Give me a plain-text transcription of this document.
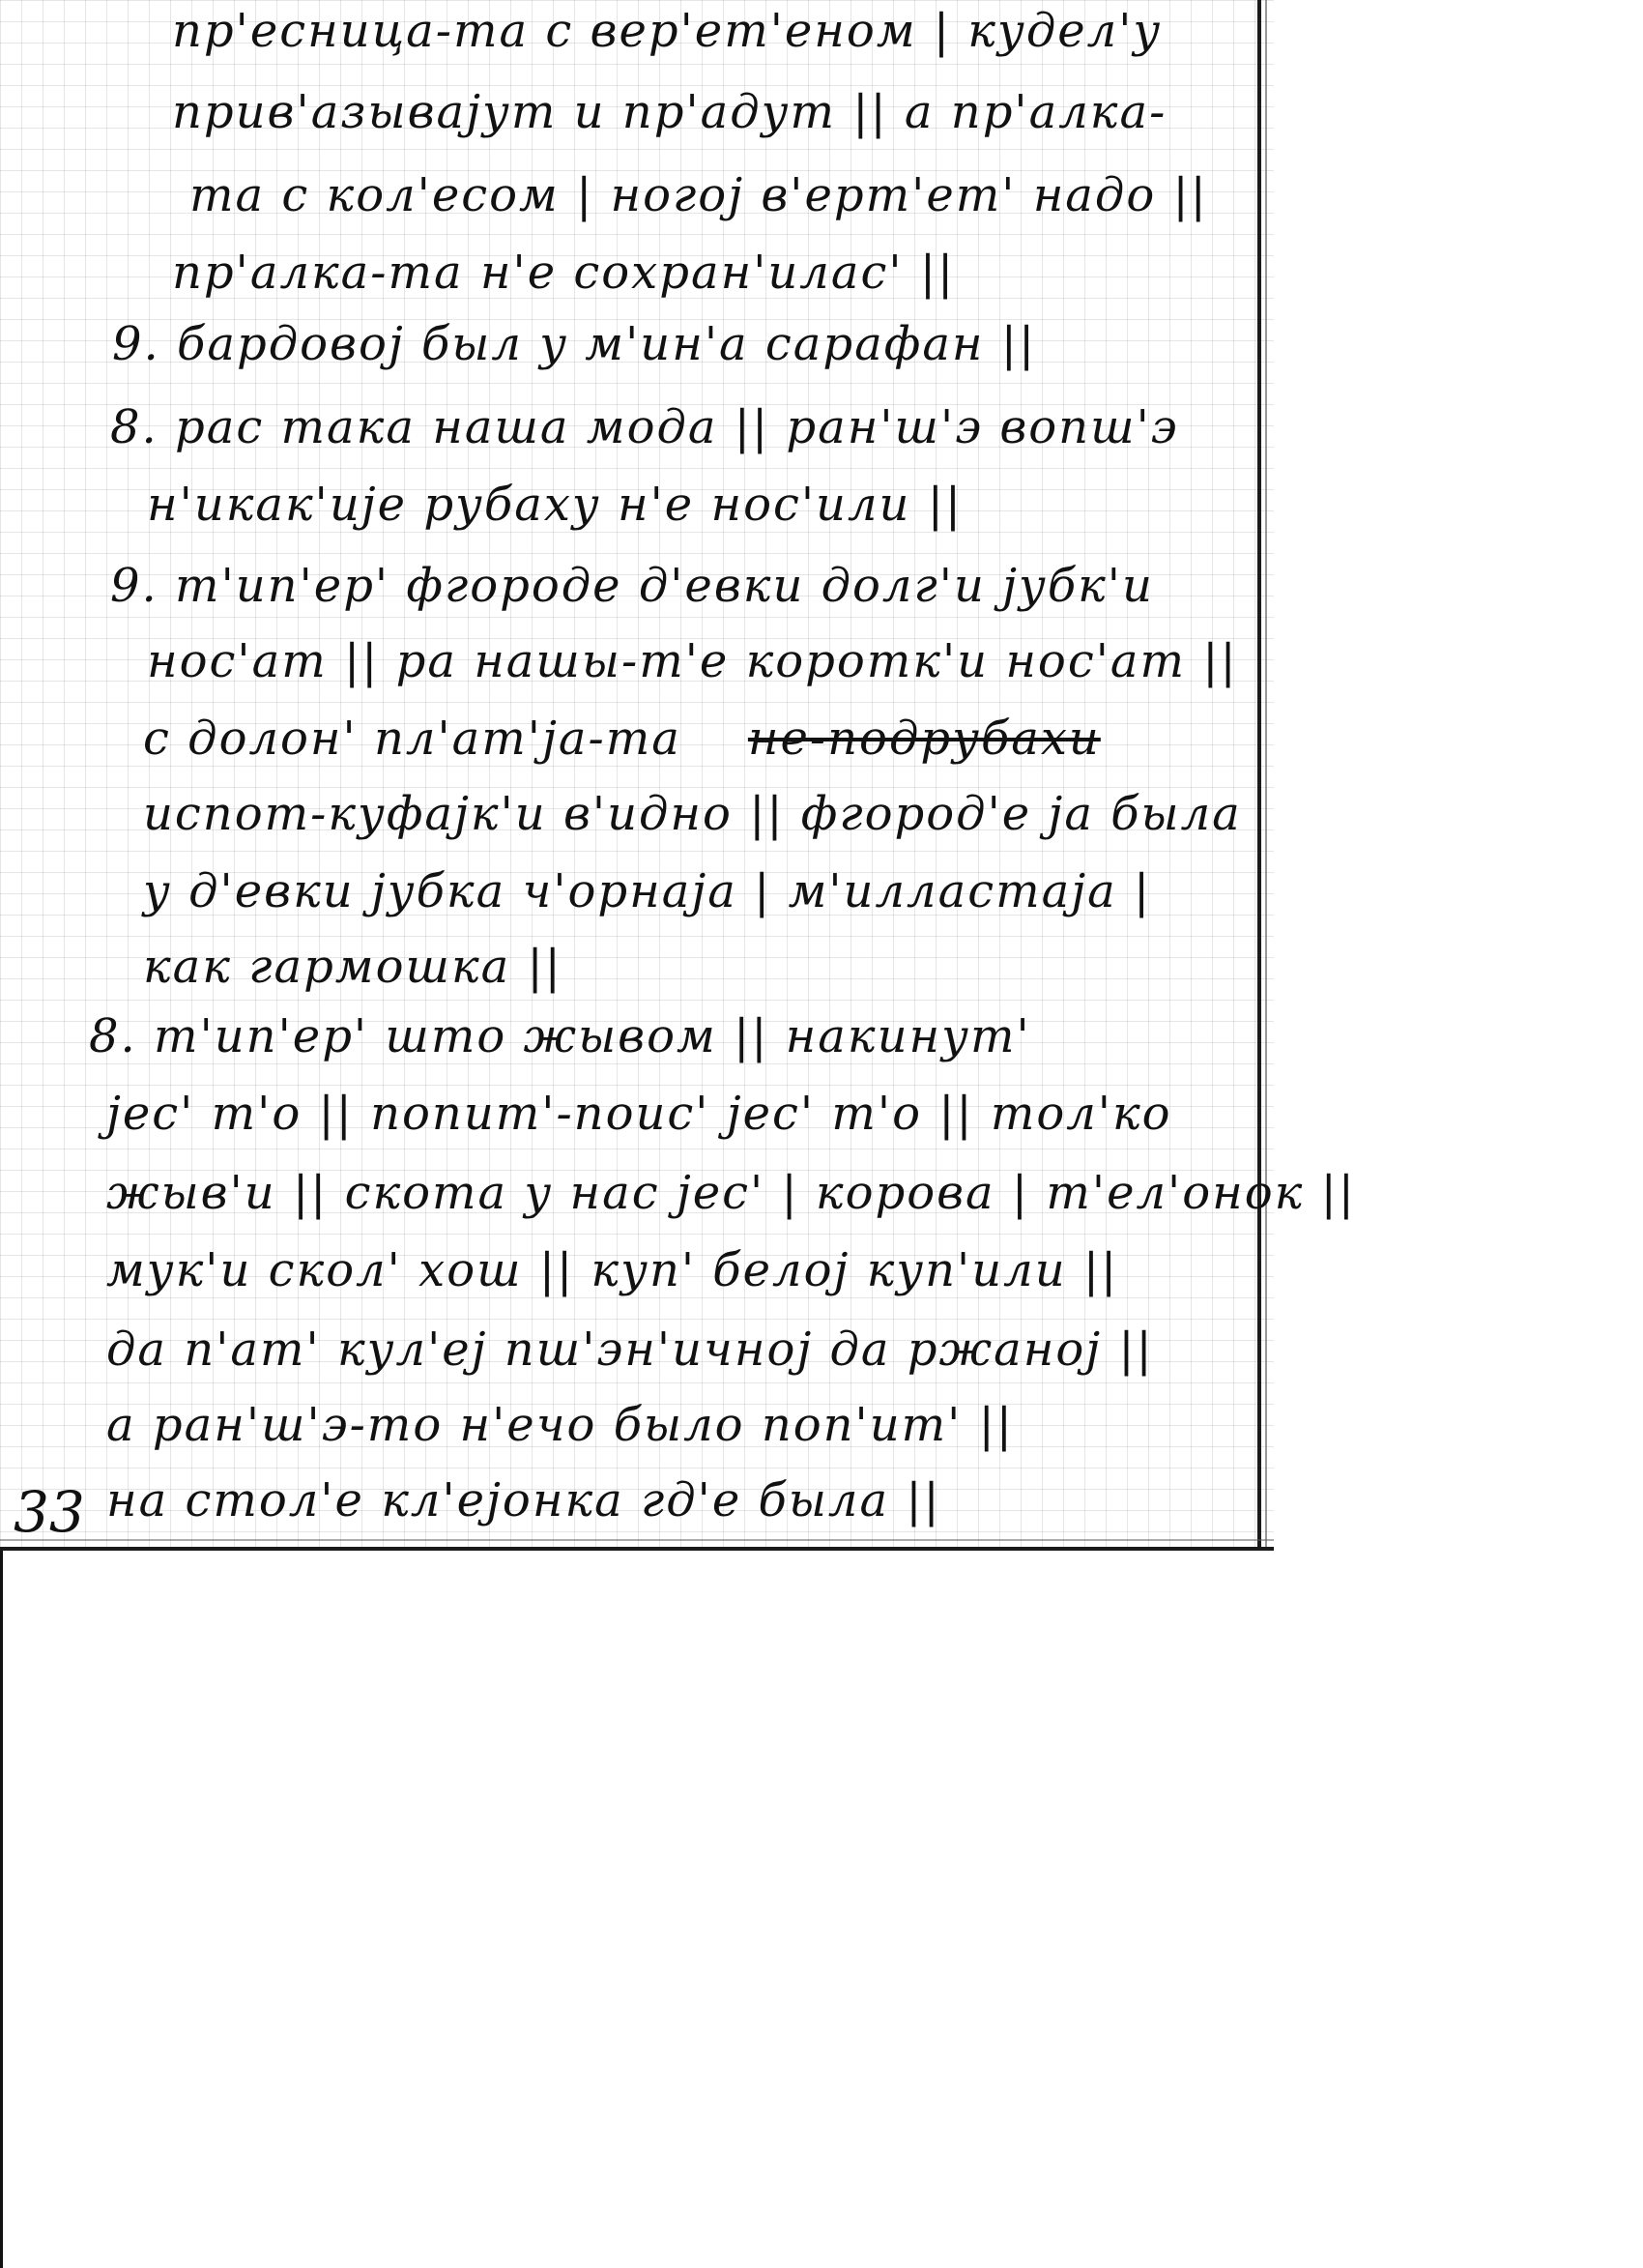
пр'есница-та с вер'ет'еном | кудел'у
прив'азывајут и пр'адут || а пр'алка-
та с кол'есом | ногој в'ерт'ет' надо ||
пр'алка-та н'е сохран'илас' ||
9. бардовој был у м'ин'а сарафан ||
8. рас така наша мода || ран'ш'э вопш'э
н'икак'ије рубаху н'е нос'или ||
9. т'ип'ер' фгороде д'евки долг'и јубк'и
нос'ат || ра нашы-т'е коротк'и нос'ат ||
с долон' пл'ат'ја-та не-подрубахи
испот-куфајк'и в'идно || фгород'е ја была
у д'евки јубка ч'орнаја | м'илластаја |
как гармошка ||
8. т'ип'ер' што жывом || накинут'
јес' т'о || попит'-поис' јес' т'о || тол'ко
жыв'и || скота у нас јес' | корова | т'ел'онок ||
мук'и скол' хош || куп' белој куп'или ||
да п'ат' кул'еј пш'эн'ичној да ржаној ||
а ран'ш'э-то н'ечо было поп'ит' ||
на стол'е кл'ејонка гд'е была ||
33
